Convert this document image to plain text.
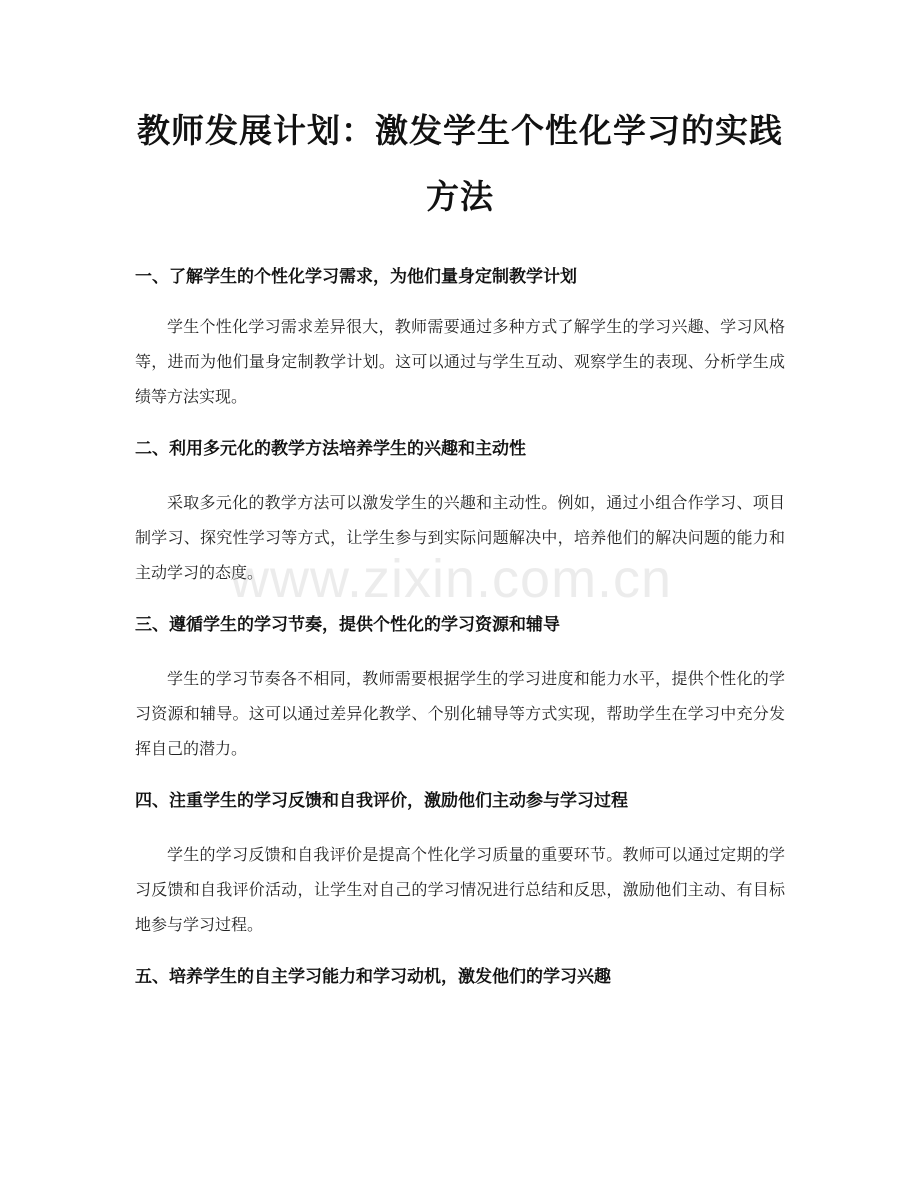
教师发展计划：激发学生个性化学习的实践方法
一、了解学生的个性化学习需求，为他们量身定制教学计划

学生个性化学习需求差异很大，教师需要通过多种方式了解学生的学习兴趣、学习风格等，进而为他们量身定制教学计划。这可以通过与学生互动、观察学生的表现、分析学生成绩等方法实现。

二、利用多元化的教学方法培养学生的兴趣和主动性

采取多元化的教学方法可以激发学生的兴趣和主动性。例如，通过小组合作学习、项目制学习、探究性学习等方式，让学生参与到实际问题解决中，培养他们的解决问题的能力和主动学习的态度。

三、遵循学生的学习节奏，提供个性化的学习资源和辅导

学生的学习节奏各不相同，教师需要根据学生的学习进度和能力水平，提供个性化的学习资源和辅导。这可以通过差异化教学、个别化辅导等方式实现，帮助学生在学习中充分发挥自己的潜力。

四、注重学生的学习反馈和自我评价，激励他们主动参与学习过程

学生的学习反馈和自我评价是提高个性化学习质量的重要环节。教师可以通过定期的学习反馈和自我评价活动，让学生对自己的学习情况进行总结和反思，激励他们主动、有目标地参与学习过程。

五、培养学生的自主学习能力和学习动机，激发他们的学习兴趣
www.zixin.com.cn
